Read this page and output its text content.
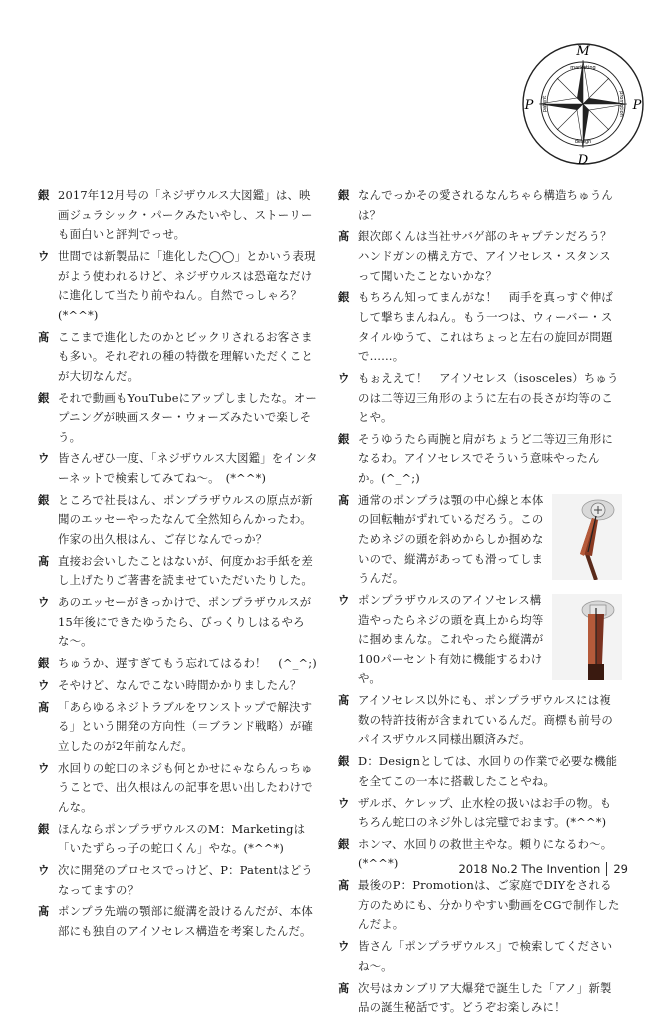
M
D
P	P
marketing
design
patent	promotion
銀 2017年12月号の「ネジザウルス大図鑑」は、映画ジュラシック・パークみたいやし、ストーリーも面白いと評判でっせ。
ウ 世間では新製品に「進化した◯◯」とかいう表現がよう使われるけど、ネジザウルスは恐竜なだけに進化して当たり前やねん。自然でっしゃろ？　(*^^*)
髙 ここまで進化したのかとビックリされるお客さまも多い。それぞれの種の特徴を理解いただくことが大切なんだ。
銀 それで動画もYouTubeにアップしましたな。オープニングが映画スター・ウォーズみたいで楽しそう。
ウ 皆さんぜひ一度、「ネジザウルス大図鑑」をインターネットで検索してみてね〜。　(*^^*)
銀 ところで社長はん、ポンプラザウルスの原点が新聞のエッセーやったなんて全然知らんかったわ。作家の出久根はん、ご存じなんでっか？
髙 直接お会いしたことはないが、何度かお手紙を差し上げたりご著書を読ませていただいたりした。
ウ あのエッセーがきっかけで、ポンプラザウルスが15年後にできたゆうたら、びっくりしはるやろな〜。
銀 ちゅうか、遅すぎてもう忘れてはるわ！　(^_^;)
ウ そやけど、なんでこない時間かかりましたん？
髙 「あらゆるネジトラブルをワンストップで解決する」という開発の方向性（＝ブランド戦略）が確立したのが2年前なんだ。
ウ 水回りの蛇口のネジも何とかせにゃならんっちゅうことで、出久根はんの記事を思い出したわけでんな。
銀 ほんならポンプラザウルスのM：Marketingは「いたずらっ子の蛇口くん」やな。(*^^*)
ウ 次に開発のプロセスでっけど、P：Patentはどうなってますの？
髙 ポンプラ先端の顎部に縦溝を設けるんだが、本体部にも独自のアイソセレス構造を考案したんだ。
銀 なんでっかその愛されるなんちゃら構造ちゅうんは？
髙 銀次郎くんは当社サバゲ部のキャプテンだろう？ハンドガンの構え方で、アイソセレス・スタンスって聞いたことないかな？
銀 もちろん知ってまんがな！　両手を真っすぐ伸ばして撃ちまんねん。もう一つは、ウィーバー・スタイルゆうて、これはちょっと左右の旋回が問題で……。
ウ もぉええて！　アイソセレス（isosceles）ちゅうのは二等辺三角形のように左右の長さが均等のことや。
銀 そうゆうたら両腕と肩がちょうど二等辺三角形になるわ。アイソセレスでそういう意味やったんか。(^_^;)
髙 通常のポンプラは顎の中心線と本体の回転軸がずれているだろう。このためネジの頭を斜めからしか掴めないので、縦溝があっても滑ってしまうんだ。
ウ ポンプラザウルスのアイソセレス構造やったらネジの頭を真上から均等に掴めまんな。これやったら縦溝が100パーセント有効に機能するわけや。
髙 アイソセレス以外にも、ポンプラザウルスには複数の特許技術が含まれているんだ。商標も前号のパイスザウルス同様出願済みだ。
銀 D：Designとしては、水回りの作業で必要な機能を全てこの一本に搭載したことやね。
ウ ザルボ、ケレップ、止水栓の扱いはお手の物。もちろん蛇口のネジ外しは完璧でおます。(*^^*)
銀 ホンマ、水回りの救世主やな。頼りになるわ〜。(*^^*)
髙 最後のP：Promotionは、ご家庭でDIYをされる方のためにも、分かりやすい動画をCGで制作したんだよ。
ウ 皆さん「ポンプラザウルス」で検索してくださいね〜。
髙 次号はカンブリア大爆発で誕生した「アノ」新製品の誕生秘話です。どうぞお楽しみに！
2018 No.2 The Invention 29
